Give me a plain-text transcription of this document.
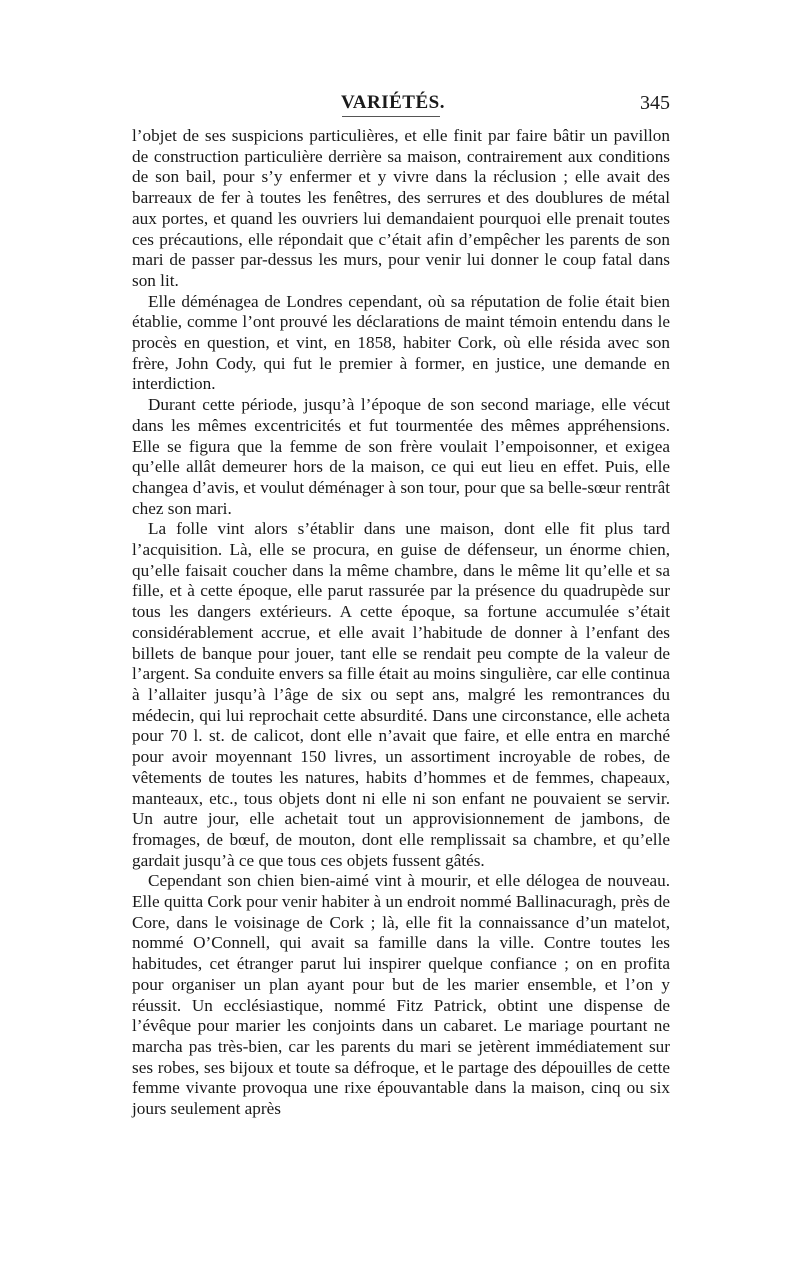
VARIÉTÉS.	345

l’objet de ses suspicions particulières, et elle finit par faire bâtir un pavillon de construction particulière derrière sa maison, contrairement aux conditions de son bail, pour s’y enfermer et y vivre dans la réclusion ; elle avait des barreaux de fer à toutes les fenêtres, des serrures et des doublures de métal aux portes, et quand les ouvriers lui demandaient pourquoi elle prenait toutes ces précautions, elle répondait que c’était afin d’empêcher les parents de son mari de passer par-dessus les murs, pour venir lui donner le coup fatal dans son lit.

Elle déménagea de Londres cependant, où sa réputation de folie était bien établie, comme l’ont prouvé les déclarations de maint témoin entendu dans le procès en question, et vint, en 1858, habiter Cork, où elle résida avec son frère, John Cody, qui fut le premier à former, en justice, une demande en interdiction.

Durant cette période, jusqu’à l’époque de son second mariage, elle vécut dans les mêmes excentricités et fut tourmentée des mêmes appréhensions. Elle se figura que la femme de son frère voulait l’empoisonner, et exigea qu’elle allât demeurer hors de la maison, ce qui eut lieu en effet. Puis, elle changea d’avis, et voulut déménager à son tour, pour que sa belle-sœur rentrât chez son mari.

La folle vint alors s’établir dans une maison, dont elle fit plus tard l’acquisition. Là, elle se procura, en guise de défenseur, un énorme chien, qu’elle faisait coucher dans la même chambre, dans le même lit qu’elle et sa fille, et à cette époque, elle parut rassurée par la présence du quadrupède sur tous les dangers extérieurs. A cette époque, sa fortune accumulée s’était considérablement accrue, et elle avait l’habitude de donner à l’enfant des billets de banque pour jouer, tant elle se rendait peu compte de la valeur de l’argent. Sa conduite envers sa fille était au moins singulière, car elle continua à l’allaiter jusqu’à l’âge de six ou sept ans, malgré les remontrances du médecin, qui lui reprochait cette absurdité. Dans une circonstance, elle acheta pour 70 l. st. de calicot, dont elle n’avait que faire, et elle entra en marché pour avoir moyennant 150 livres, un assortiment incroyable de robes, de vêtements de toutes les natures, habits d’hommes et de femmes, chapeaux, manteaux, etc., tous objets dont ni elle ni son enfant ne pouvaient se servir. Un autre jour, elle achetait tout un approvisionnement de jambons, de fromages, de bœuf, de mouton, dont elle remplissait sa chambre, et qu’elle gardait jusqu’à ce que tous ces objets fussent gâtés.

Cependant son chien bien-aimé vint à mourir, et elle délogea de nouveau. Elle quitta Cork pour venir habiter à un endroit nommé Ballinacuragh, près de Core, dans le voisinage de Cork ; là, elle fit la connaissance d’un matelot, nommé O’Connell, qui avait sa famille dans la ville. Contre toutes les habitudes, cet étranger parut lui inspirer quelque confiance ; on en profita pour organiser un plan ayant pour but de les marier ensemble, et l’on y réussit. Un ecclésiastique, nommé Fitz Patrick, obtint une dispense de l’évêque pour marier les conjoints dans un cabaret. Le mariage pourtant ne marcha pas très-bien, car les parents du mari se jetèrent immédiatement sur ses robes, ses bijoux et toute sa défroque, et le partage des dépouilles de cette femme vivante provoqua une rixe épouvantable dans la maison, cinq ou six jours seulement après
